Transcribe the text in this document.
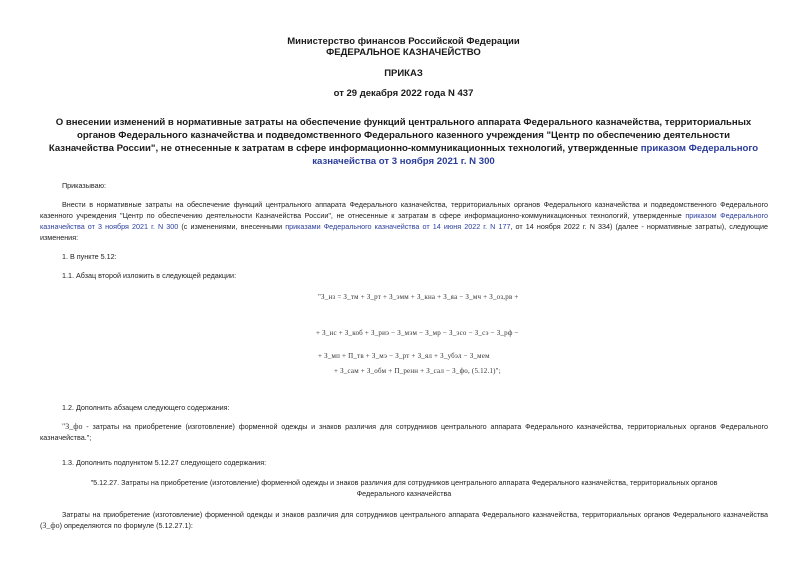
Министерство финансов Российской Федерации
ФЕДЕРАЛЬНОЕ КАЗНАЧЕЙСТВО
ПРИКАЗ
от 29 декабря 2022 года N 437
О внесении изменений в нормативные затраты на обеспечение функций центрального аппарата Федерального казначейства, территориальных органов Федерального казначейства и подведомственного Федерального казенного учреждения "Центр по обеспечению деятельности Казначейства России", не отнесенные к затратам в сфере информационно-коммуникационных технологий, утвержденные приказом Федерального казначейства от 3 ноября 2021 г. N 300
Приказываю:
Внести в нормативные затраты на обеспечение функций центрального аппарата Федерального казначейства, территориальных органов Федерального казначейства и подведомственного Федерального казенного учреждения "Центр по обеспечению деятельности Казначейства России", не отнесенные к затратам в сфере информационно-коммуникационных технологий, утвержденные приказом Федерального казначейства от 3 ноября 2021 г. N 300 (с изменениями, внесенными приказами Федерального казначейства от 14 июня 2022 г. N 177, от 14 ноября 2022 г. N 334) (далее - нормативные затраты), следующие изменения:
1. В пункте 5.12:
1.1. Абзац второй изложить в следующей редакции:
"З_нз = З_тм + З_рт + З_эмм + З_кна + З_яа − З_мч + З_оз,рв +
+ З_нс + З_коб + З_риэ − З_мэм − З_мр − З_эсо − З_сэ − З_рф −
+ З_мп + П_тв + З_мэ − З_рт + З_ял + З_убэл − З_мем
+ З_сам + З_обм + П_ренн + З_сал − З_фо, (5.12.1)";
1.2. Дополнить абзацем следующего содержания:
"З_фо - затраты на приобретение (изготовление) форменной одежды и знаков различия для сотрудников центрального аппарата Федерального казначейства, территориальных органов Федерального казначейства.";
1.3. Дополнить подпунктом 5.12.27 следующего содержания:
"5.12.27. Затраты на приобретение (изготовление) форменной одежды и знаков различия для сотрудников центрального аппарата Федерального казначейства, территориальных органов Федерального казначейства
Затраты на приобретение (изготовление) форменной одежды и знаков различия для сотрудников центрального аппарата Федерального казначейства, территориальных органов Федерального казначейства (З_фо) определяются по формуле (5.12.27.1):
